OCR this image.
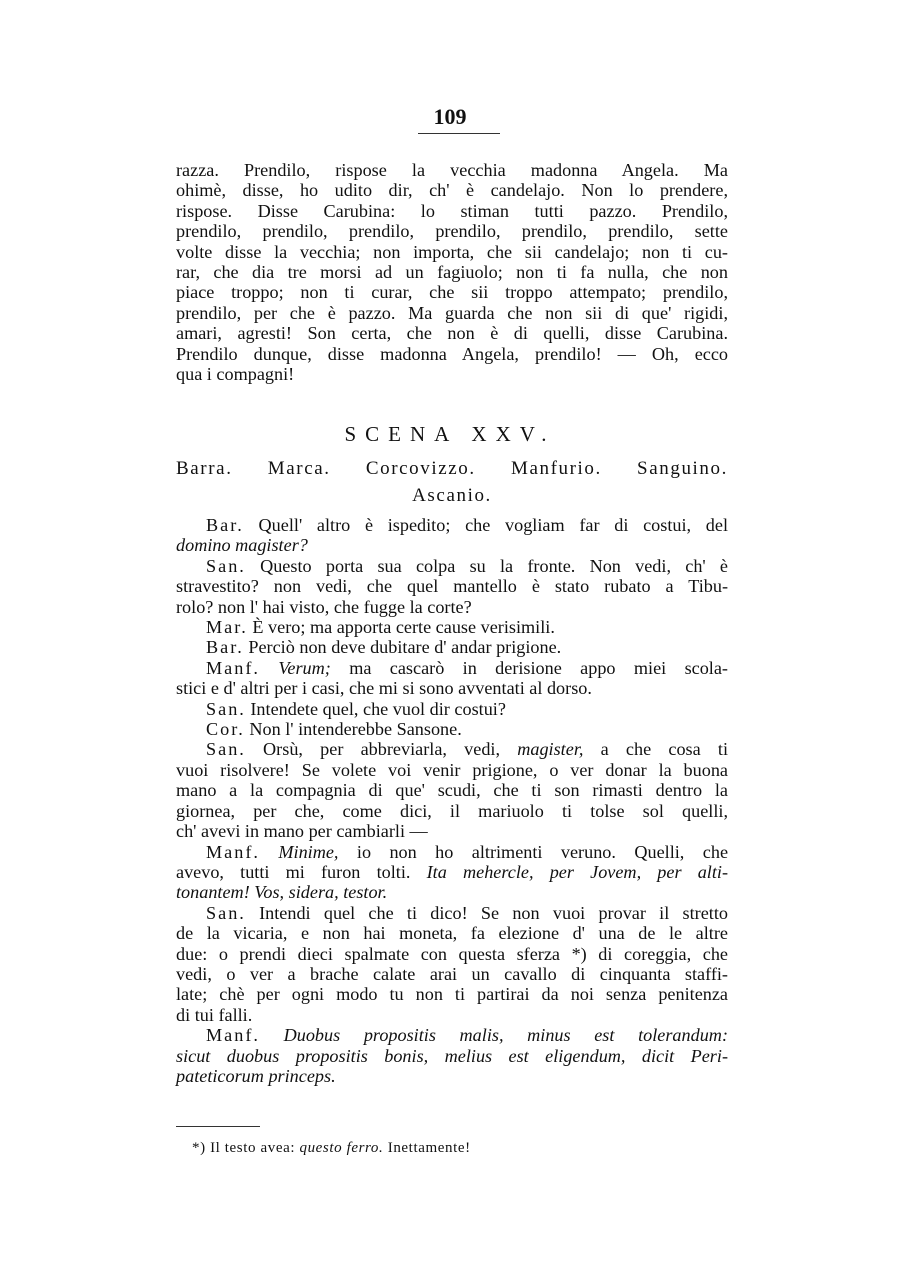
109
razza. Prendilo, rispose la vecchia madonna Angela. Ma
ohimè, disse, ho udito dir, ch' è candelajo. Non lo prendere,
rispose. Disse Carubina: lo stiman tutti pazzo. Prendilo,
prendilo, prendilo, prendilo, prendilo, prendilo, prendilo, sette
volte disse la vecchia; non importa, che sii candelajo; non ti cu-
rar, che dia tre morsi ad un fagiuolo; non ti fa nulla, che non
piace troppo; non ti curar, che sii troppo attempato; prendilo,
prendilo, per che è pazzo. Ma guarda che non sii di que' rigidi,
amari, agresti! Son certa, che non è di quelli, disse Carubina.
Prendilo dunque, disse madonna Angela, prendilo! — Oh, ecco
qua i compagni!
SCENA XXV.
Barra. Marca. Corcovizzo. Manfurio. Sanguino.
Ascanio.
Bar. Quell' altro è ispedito; che vogliam far di costui, del
domino magister?
San. Questo porta sua colpa su la fronte. Non vedi, ch' è
stravestito? non vedi, che quel mantello è stato rubato a Tibu-
rolo? non l' hai visto, che fugge la corte?
Mar. È vero; ma apporta certe cause verisimili.
Bar. Perciò non deve dubitare d' andar prigione.
Manf. Verum; ma cascarò in derisione appo miei scola-
stici e d' altri per i casi, che mi si sono avventati al dorso.
San. Intendete quel, che vuol dir costui?
Cor. Non l' intenderebbe Sansone.
San. Orsù, per abbreviarla, vedi, magister, a che cosa ti
vuoi risolvere! Se volete voi venir prigione, o ver donar la buona
mano a la compagnia di que' scudi, che ti son rimasti dentro la
giornea, per che, come dici, il mariuolo ti tolse sol quelli,
ch' avevi in mano per cambiarli —
Manf. Minime, io non ho altrimenti veruno. Quelli, che
avevo, tutti mi furon tolti. Ita mehercle, per Jovem, per alti-
tonantem! Vos, sidera, testor.
San. Intendi quel che ti dico! Se non vuoi provar il stretto
de la vicaria, e non hai moneta, fa elezione d' una de le altre
due: o prendi dieci spalmate con questa sferza *) di coreggia, che
vedi, o ver a brache calate arai un cavallo di cinquanta staffi-
late; chè per ogni modo tu non ti partirai da noi senza penitenza
di tui falli.
Manf. Duobus propositis malis, minus est tolerandum:
sicut duobus propositis bonis, melius est eligendum, dicit Peri-
pateticorum princeps.
*) Il testo avea: questo ferro. Inettamente!
